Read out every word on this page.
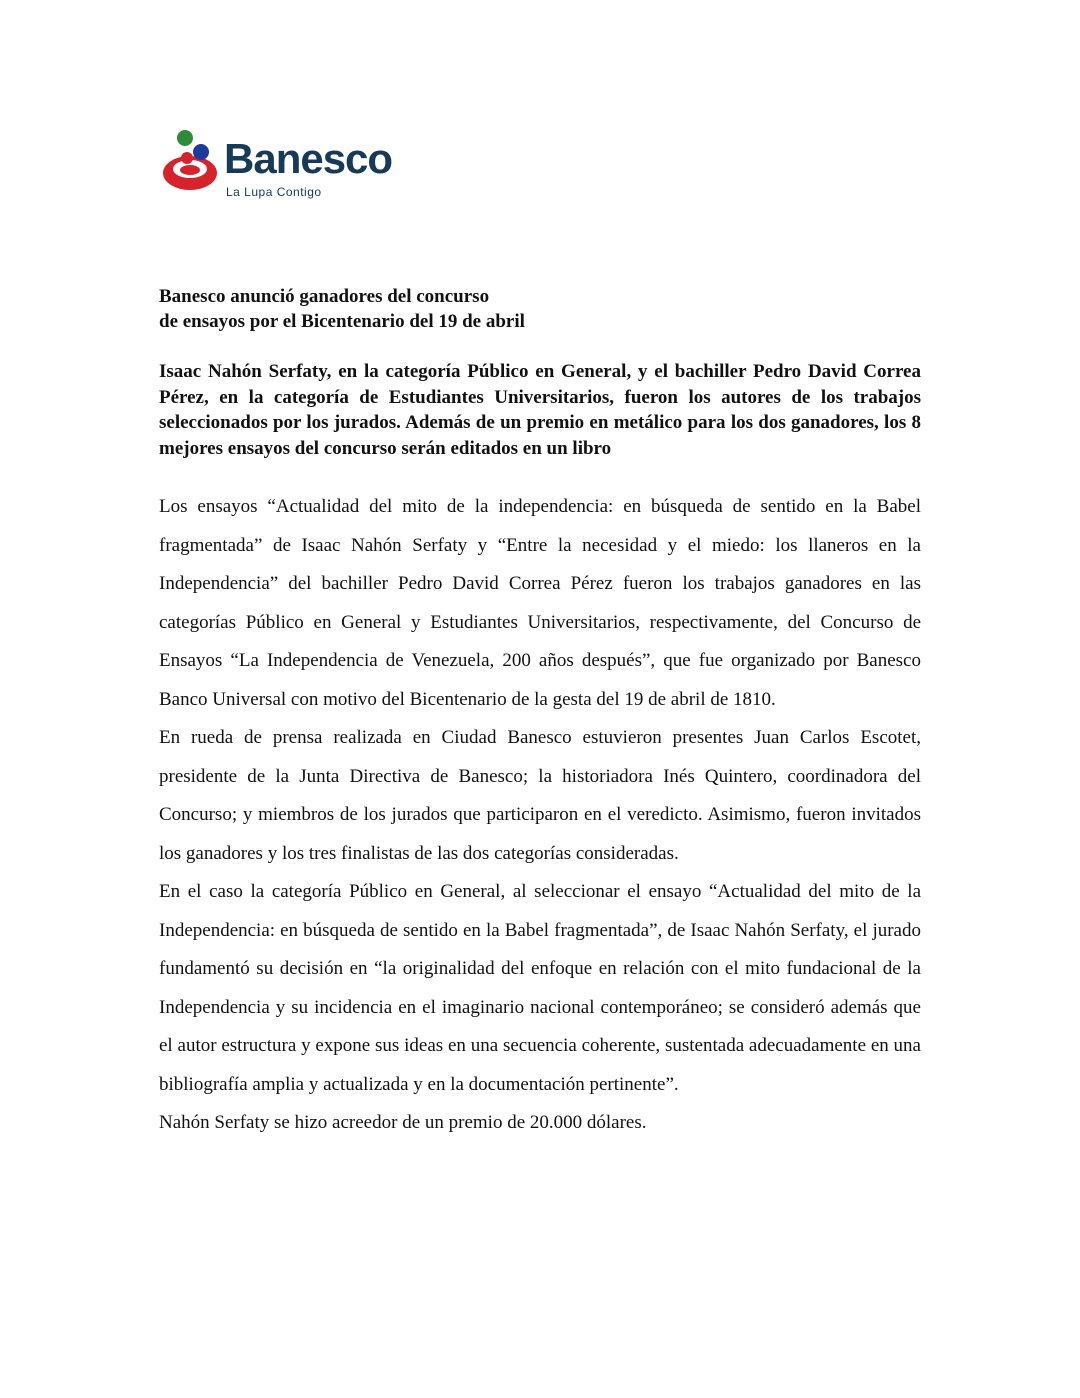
Banesco
La Lupa Contigo
Banesco anunció ganadores del concurso
de ensayos por el Bicentenario del 19 de abril

Isaac Nahón Serfaty, en la categoría Público en General, y el bachiller Pedro David Correa Pérez, en la categoría de Estudiantes Universitarios, fueron los autores de los trabajos seleccionados por los jurados. Además de un premio en metálico para los dos ganadores, los 8 mejores ensayos del concurso serán editados en un libro

Los ensayos “Actualidad del mito de la independencia: en búsqueda de sentido en la Babel fragmentada” de Isaac Nahón Serfaty y “Entre la necesidad y el miedo: los llaneros en la Independencia” del bachiller Pedro David Correa Pérez fueron los trabajos ganadores en las categorías Público en General y Estudiantes Universitarios, respectivamente, del Concurso de Ensayos “La Independencia de Venezuela, 200 años después”, que fue organizado por Banesco Banco Universal con motivo del Bicentenario de la gesta del 19 de abril de 1810.

En rueda de prensa realizada en Ciudad Banesco estuvieron presentes Juan Carlos Escotet, presidente de la Junta Directiva de Banesco; la historiadora Inés Quintero, coordinadora del Concurso; y miembros de los jurados que participaron en el veredicto. Asimismo, fueron invitados los ganadores y los tres finalistas de las dos categorías consideradas.

En el caso la categoría Público en General, al seleccionar el ensayo “Actualidad del mito de la Independencia: en búsqueda de sentido en la Babel fragmentada”, de Isaac Nahón Serfaty, el jurado fundamentó su decisión en “la originalidad del enfoque en relación con el mito fundacional de la Independencia y su incidencia en el imaginario nacional contemporáneo; se consideró además que el autor estructura y expone sus ideas en una secuencia coherente, sustentada adecuadamente en una bibliografía amplia y actualizada y en la documentación pertinente”.

Nahón Serfaty se hizo acreedor de un premio de 20.000 dólares.
